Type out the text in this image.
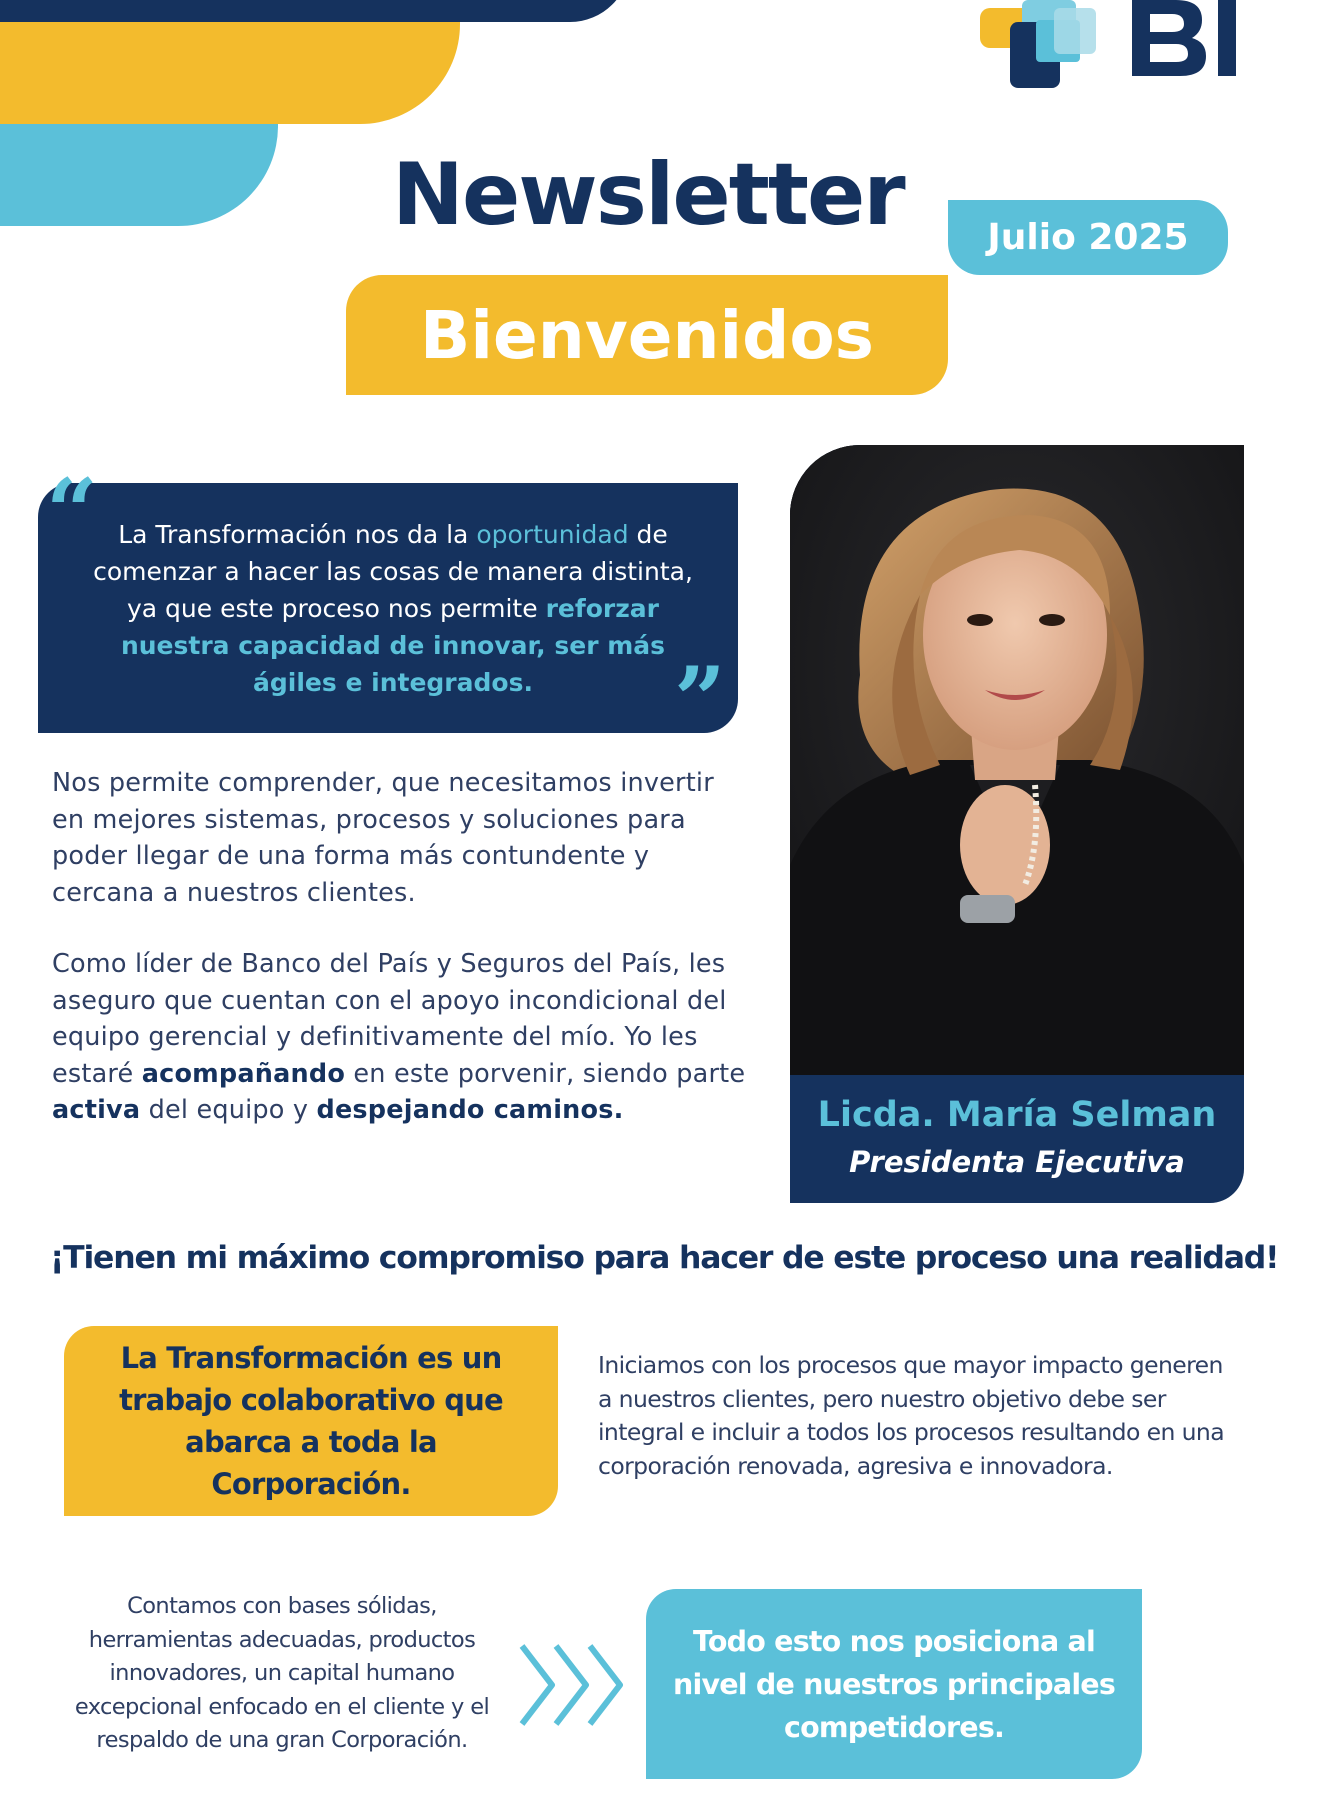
Newsletter	Julio 2025
Bienvenidos
“ La Transformación nos da la oportunidad de comenzar a hacer las cosas de manera distinta, ya que este proceso nos permite reforzar nuestra capacidad de innovar, ser más ágiles e integrados.	”

Nos permite comprender, que necesitamos invertir en mejores sistemas, procesos y soluciones para poder llegar de una forma más contundente y cercana a nuestros clientes.

Como líder de Banco del País y Seguros del País, les aseguro que cuentan con el apoyo incondicional del equipo gerencial y definitivamente del mío. Yo les estaré acompañando en este porvenir, siendo parte activa del equipo y despejando caminos.	Licda. María Selman
Presidenta Ejecutiva
¡Tienen mi máximo compromiso para hacer de este proceso una realidad!
La Transformación es un trabajo colaborativo que abarca a toda la Corporación.

Iniciamos con los procesos que mayor impacto generen a nuestros clientes, pero nuestro objetivo debe ser integral e incluir a todos los procesos resultando en una corporación renovada, agresiva e innovadora.

Contamos con bases sólidas, herramientas adecuadas, productos innovadores, un capital humano excepcional enfocado en el cliente y el respaldo de una gran Corporación.

Todo esto nos posiciona al nivel de nuestros principales competidores.
